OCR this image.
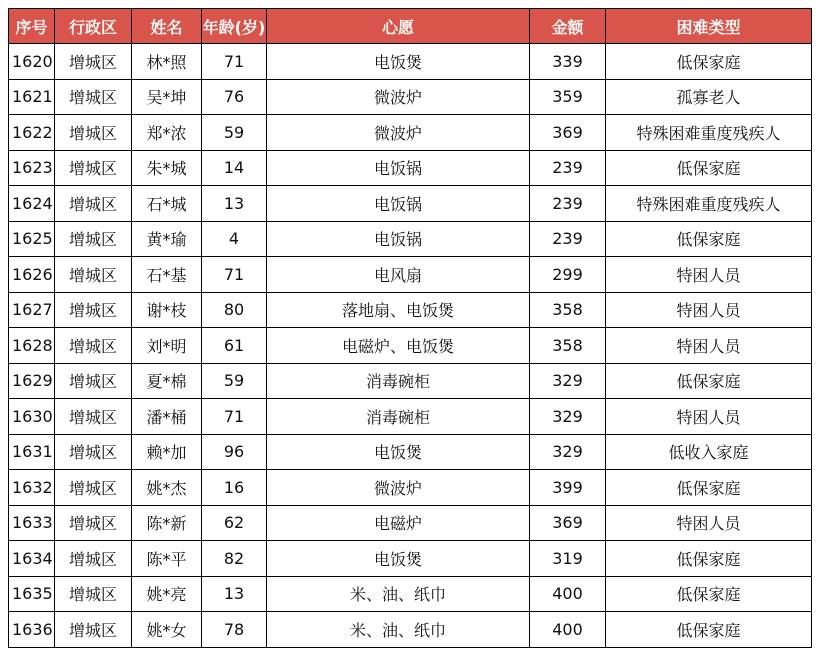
序号	行政区	姓名	年龄(岁)	心愿	金额	困难类型
1620	增城区	林*照	71	电饭煲	339	低保家庭
1621	增城区	吴*坤	76	微波炉	359	孤寡老人
1622	增城区	郑*浓	59	微波炉	369	特殊困难重度残疾人
1623	增城区	朱*城	14	电饭锅	239	低保家庭
1624	增城区	石*城	13	电饭锅	239	特殊困难重度残疾人
1625	增城区	黄*瑜	4	电饭锅	239	低保家庭
1626	增城区	石*基	71	电风扇	299	特困人员
1627	增城区	谢*枝	80	落地扇、电饭煲	358	特困人员
1628	增城区	刘*明	61	电磁炉、电饭煲	358	特困人员
1629	增城区	夏*棉	59	消毒碗柜	329	低保家庭
1630	增城区	潘*桶	71	消毒碗柜	329	特困人员
1631	增城区	赖*加	96	电饭煲	329	低收入家庭
1632	增城区	姚*杰	16	微波炉	399	低保家庭
1633	增城区	陈*新	62	电磁炉	369	特困人员
1634	增城区	陈*平	82	电饭煲	319	低保家庭
1635	增城区	姚*亮	13	米、油、纸巾	400	低保家庭
1636	增城区	姚*女	78	米、油、纸巾	400	低保家庭
